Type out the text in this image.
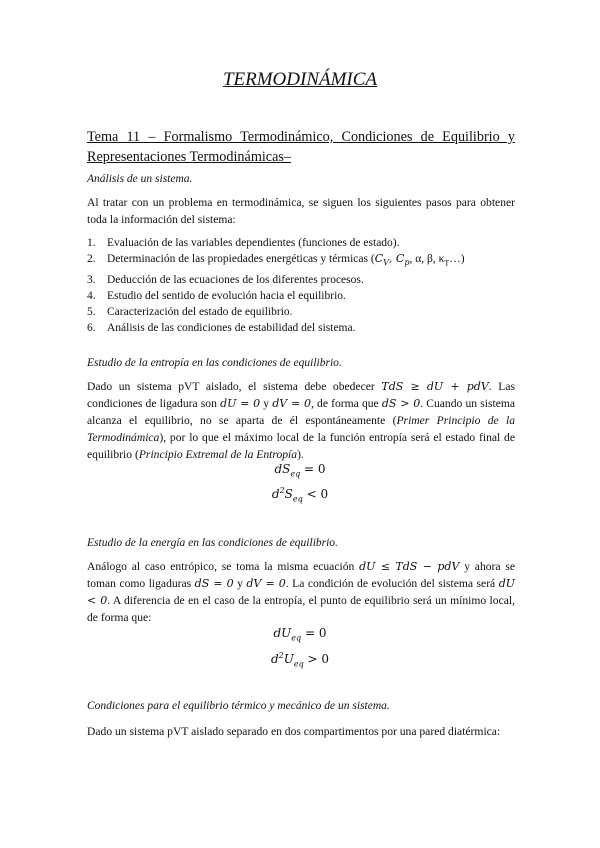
TERMODINÁMICA
Tema 11 – Formalismo Termodinámico, Condiciones de Equilibrio y
Representaciones Termodinámicas–
Análisis de un sistema.
Al tratar con un problema en termodinámica, se siguen los siguientes pasos para obtener toda la información del sistema:
1. Evaluación de las variables dependientes (funciones de estado).
2. Determinación de las propiedades energéticas y térmicas ($C_V$, $C_p$, α, β, $\kappa_T\dots$)
3. Deducción de las ecuaciones de los diferentes procesos.
4. Estudio del sentido de evolución hacia el equilibrio.
5. Caracterización del estado de equilibrio.
6. Análisis de las condiciones de estabilidad del sistema.
Estudio de la entropía en las condiciones de equilibrio.
Dado un sistema pVT aislado, el sistema debe obedecer TdS ≥ dU + pdV. Las condiciones de ligadura son dU = 0 y dV = 0, de forma que dS > 0. Cuando un sistema alcanza el equilibrio, no se aparta de él espontáneamente (Primer Principio de la Termodinámica), por lo que el máximo local de la función entropía será el estado final de equilibrio (Principio Extremal de la Entropía).
$dS_{eq} = 0$
$d^2S_{eq} < 0$
Estudio de la energía en las condiciones de equilibrio.
Análogo al caso entrópico, se toma la misma ecuación dU ≤ TdS − pdV y ahora se toman como ligaduras dS = 0 y dV = 0. La condición de evolución del sistema será dU < 0. A diferencia de en el caso de la entropía, el punto de equilibrio será un mínimo local, de forma que:
$dU_{eq} = 0$
$d^2U_{eq} > 0$
Condiciones para el equilibrio térmico y mecánico de un sistema.
Dado un sistema pVT aislado separado en dos compartimentos por una pared diatérmica:
